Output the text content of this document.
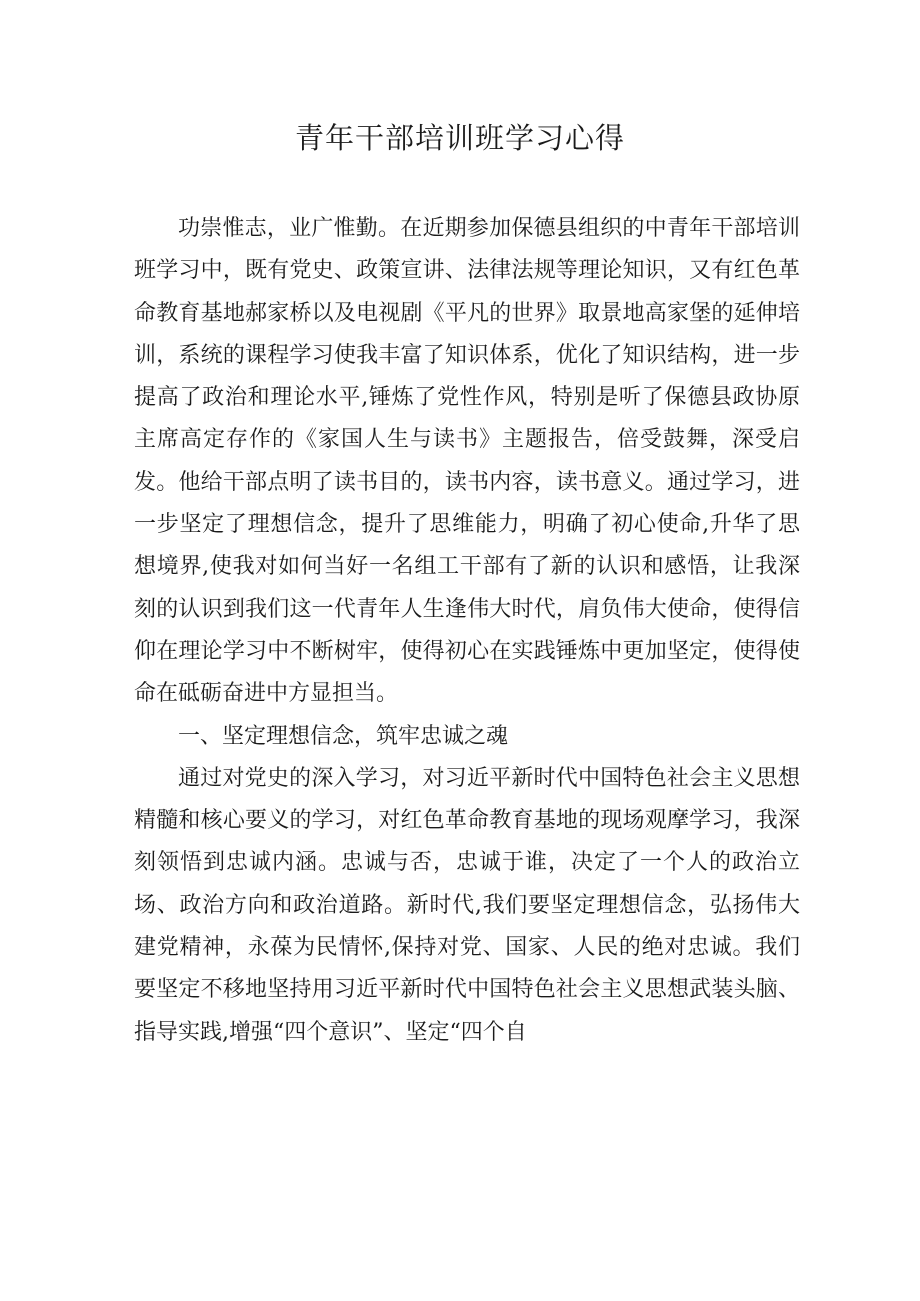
青年干部培训班学习心得

功崇惟志，业广惟勤。在近期参加保德县组织的中青年干部培训班学习中，既有党史、政策宣讲、法律法规等理论知识，又有红色革命教育基地郝家桥以及电视剧《平凡的世界》取景地高家堡的延伸培训，系统的课程学习使我丰富了知识体系，优化了知识结构，进一步提高了政治和理论水平,锤炼了党性作风，特别是听了保德县政协原主席高定存作的《家国人生与读书》主题报告，倍受鼓舞，深受启发。他给干部点明了读书目的，读书内容，读书意义。通过学习，进一步坚定了理想信念，提升了思维能力，明确了初心使命,升华了思想境界,使我对如何当好一名组工干部有了新的认识和感悟，让我深刻的认识到我们这一代青年人生逢伟大时代，肩负伟大使命，使得信仰在理论学习中不断树牢，使得初心在实践锤炼中更加坚定，使得使命在砥砺奋进中方显担当。

一、坚定理想信念，筑牢忠诚之魂

通过对党史的深入学习，对习近平新时代中国特色社会主义思想精髓和核心要义的学习，对红色革命教育基地的现场观摩学习，我深刻领悟到忠诚内涵。忠诚与否，忠诚于谁，决定了一个人的政治立场、政治方向和政治道路。新时代,我们要坚定理想信念，弘扬伟大建党精神，永葆为民情怀,保持对党、国家、人民的绝对忠诚。我们要坚定不移地坚持用习近平新时代中国特色社会主义思想武装头脑、指导实践,增强“四个意识”、坚定“四个自
